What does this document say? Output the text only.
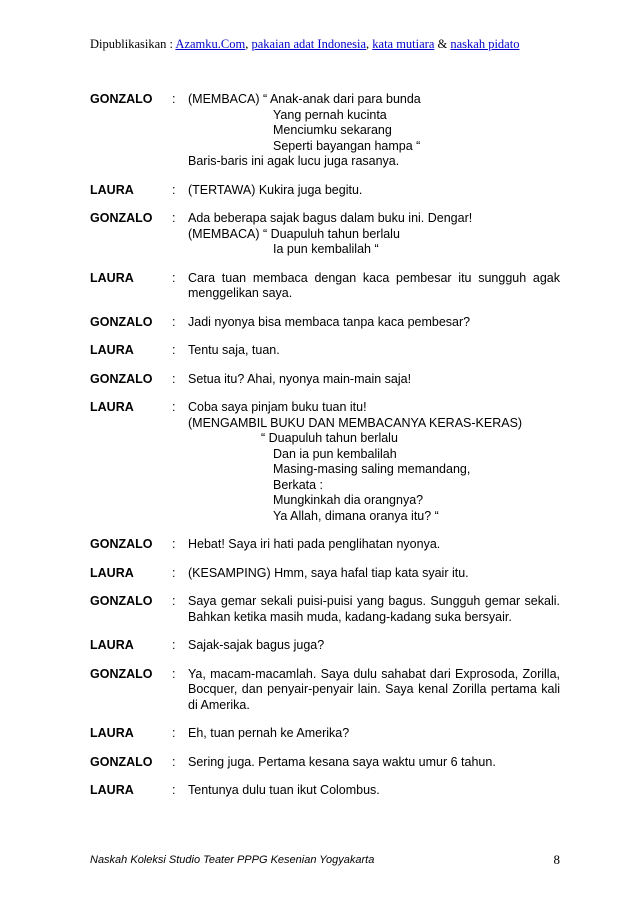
Dipublikasikan : Azamku.Com, pakaian adat Indonesia, kata mutiara & naskah pidato
GONZALO	:	(MEMBACA) “ Anak-anak dari para bunda
Yang pernah kucinta
Menciumku sekarang
Seperti bayangan hampa “
Baris-baris ini agak lucu juga rasanya.
LAURA	:	(TERTAWA) Kukira juga begitu.
GONZALO	:	Ada beberapa sajak bagus dalam buku ini. Dengar!
(MEMBACA) “ Duapuluh tahun berlalu
Ia pun kembalilah “
LAURA	:	Cara tuan membaca dengan kaca pembesar itu sungguh agak menggelikan saya.
GONZALO	:	Jadi nyonya bisa membaca tanpa kaca pembesar?
LAURA	:	Tentu saja, tuan.
GONZALO	:	Setua itu? Ahai, nyonya main-main saja!
LAURA	:	Coba saya pinjam buku tuan itu!
(MENGAMBIL BUKU DAN MEMBACANYA KERAS-KERAS)
“ Duapuluh tahun berlalu
Dan ia pun kembalilah
Masing-masing saling memandang,
Berkata :
Mungkinkah dia orangnya?
Ya Allah, dimana oranya itu? “
GONZALO	:	Hebat! Saya iri hati pada penglihatan nyonya.
LAURA	:	(KESAMPING) Hmm, saya hafal tiap kata syair itu.
GONZALO	:	Saya gemar sekali puisi-puisi yang bagus. Sungguh gemar sekali. Bahkan ketika masih muda, kadang-kadang suka bersyair.
LAURA	:	Sajak-sajak bagus juga?
GONZALO	:	Ya, macam-macamlah. Saya dulu sahabat dari Exprosoda, Zorilla, Bocquer, dan penyair-penyair lain. Saya kenal Zorilla pertama kali di Amerika.
LAURA	:	Eh, tuan pernah ke Amerika?
GONZALO	:	Sering juga. Pertama kesana saya waktu umur 6 tahun.
LAURA	:	Tentunya dulu tuan ikut Colombus.
Naskah Koleksi Studio Teater PPPG Kesenian Yogyakarta	8
